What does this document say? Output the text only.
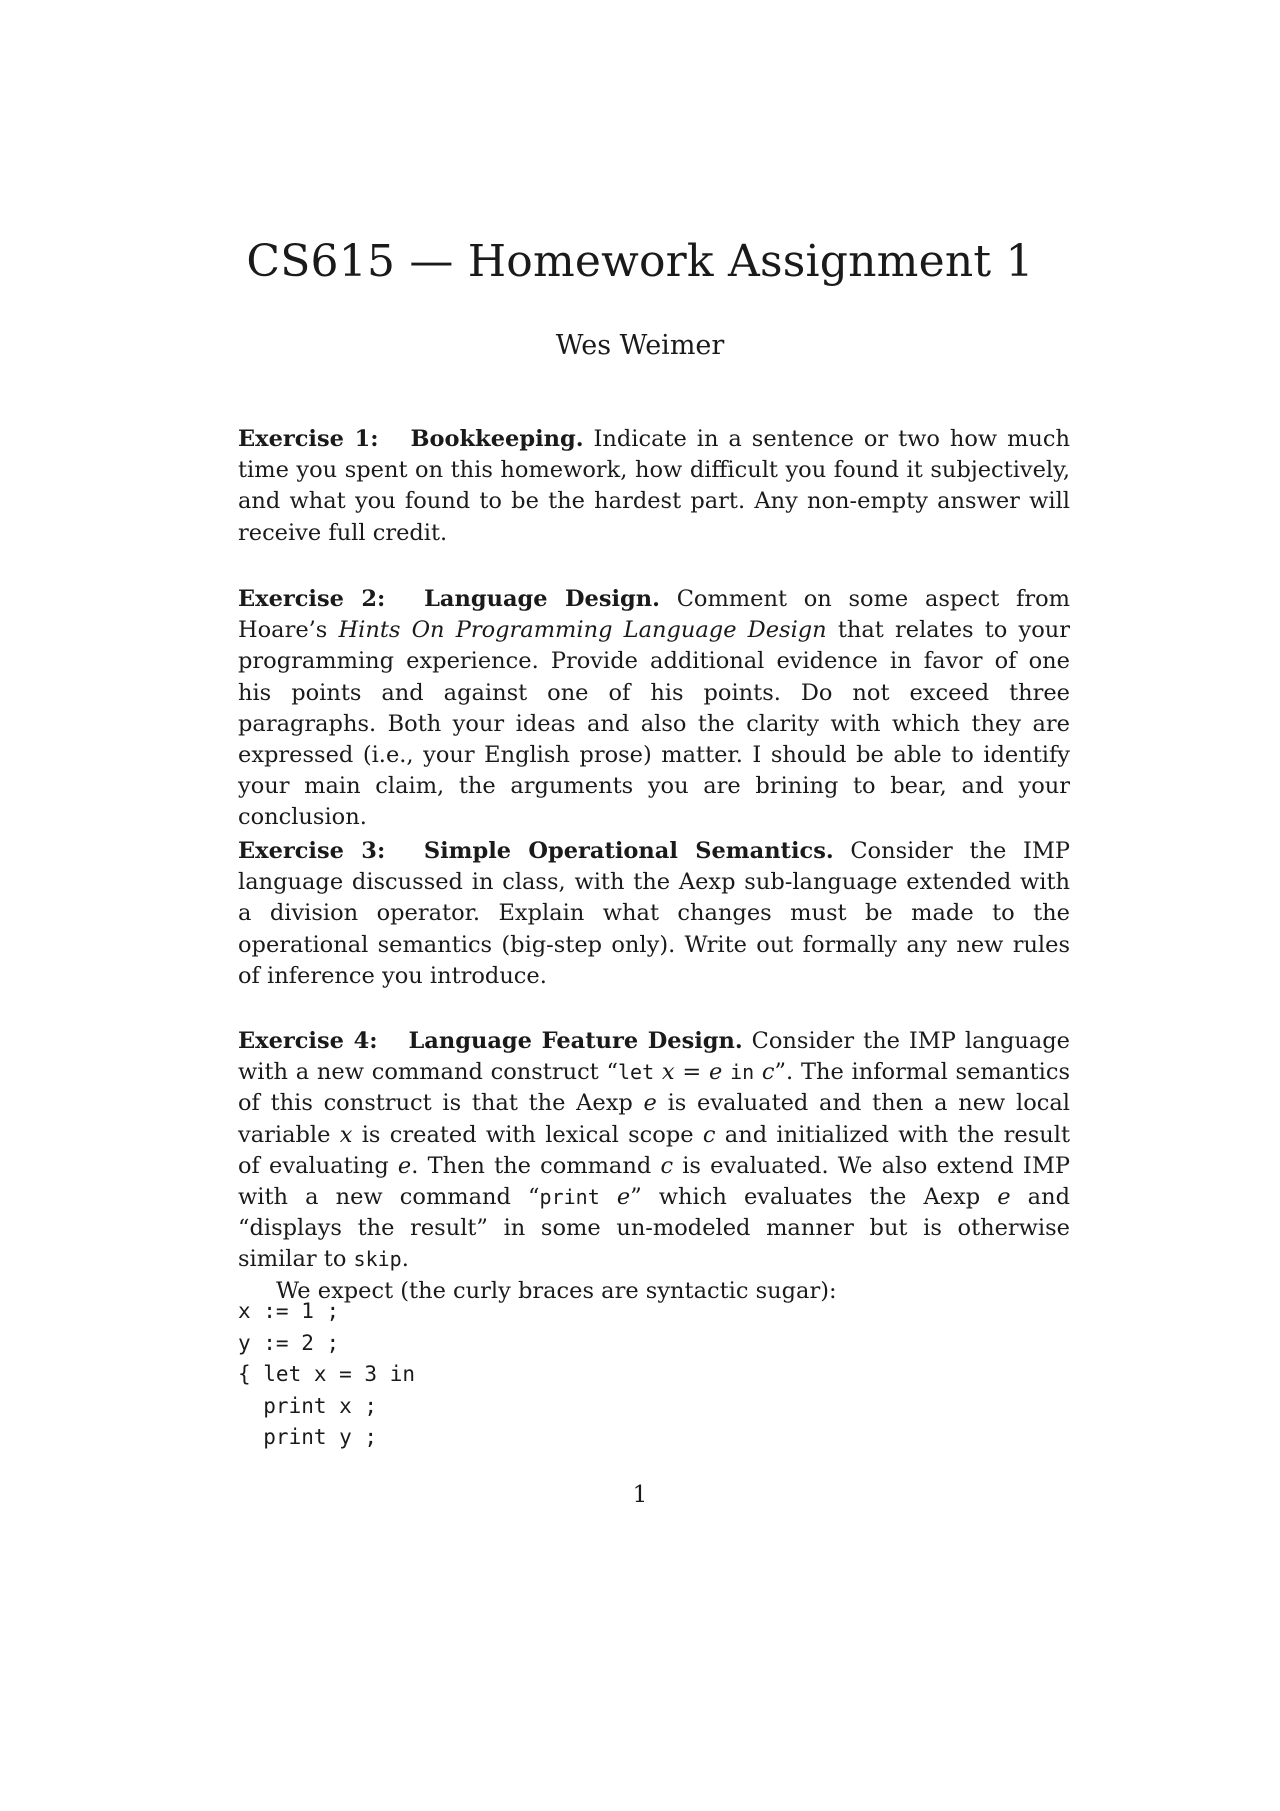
CS615 — Homework Assignment 1

Wes Weimer

Exercise 1: Bookkeeping. Indicate in a sentence or two how much time you spent on this homework, how difficult you found it subjectively, and what you found to be the hardest part. Any non-empty answer will receive full credit.

Exercise 2: Language Design. Comment on some aspect from Hoare’s Hints On Programming Language Design that relates to your programming experience. Provide additional evidence in favor of one his points and against one of his points. Do not exceed three paragraphs. Both your ideas and also the clarity with which they are expressed (i.e., your English prose) matter. I should be able to identify your main claim, the arguments you are brining to bear, and your conclusion.

Exercise 3: Simple Operational Semantics. Consider the IMP language discussed in class, with the Aexp sub-language extended with a division operator. Explain what changes must be made to the operational semantics (big-step only). Write out formally any new rules of inference you introduce.

Exercise 4: Language Feature Design. Consider the IMP language with a new command construct “let x = e in c”. The informal semantics of this construct is that the Aexp e is evaluated and then a new local variable x is created with lexical scope c and initialized with the result of evaluating e. Then the command c is evaluated. We also extend IMP with a new command “print e” which evaluates the Aexp e and “displays the result” in some un-modeled manner but is otherwise similar to skip.
We expect (the curly braces are syntactic sugar):

x := 1 ;
y := 2 ;
{ let x = 3 in
print x ;
print y ;

1
